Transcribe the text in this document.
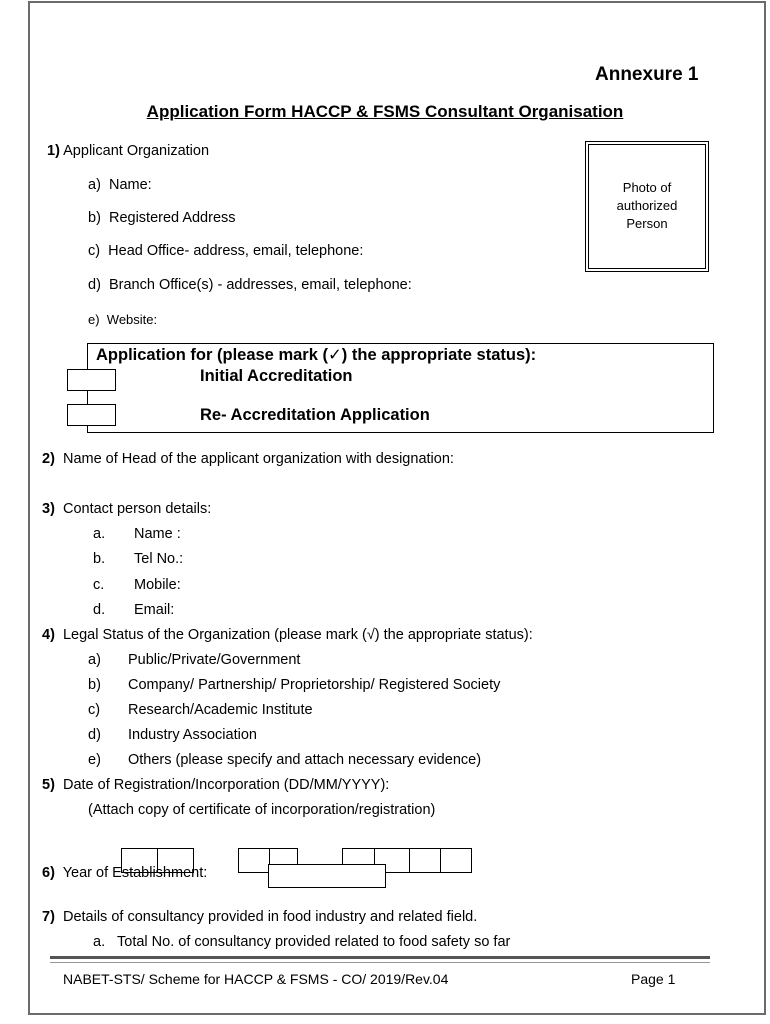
Annexure 1
Application Form HACCP & FSMS Consultant Organisation
1) Applicant Organization
a) Name:
b) Registered Address
c) Head Office- address, email, telephone:
d) Branch Office(s) - addresses, email, telephone:
e) Website:
Photo of
authorized
Person
Application for (please mark (✓) the appropriate status):
Initial Accreditation
Re- Accreditation Application
2) Name of Head of the applicant organization with designation:
3) Contact person details:
a. Name :
b. Tel No.:
c. Mobile:
d. Email:
4) Legal Status of the Organization (please mark (√) the appropriate status):
a) Public/Private/Government
b) Company/ Partnership/ Proprietorship/ Registered Society
c) Research/Academic Institute
d) Industry Association
e) Others (please specify and attach necessary evidence)
5) Date of Registration/Incorporation (DD/MM/YYYY):
(Attach copy of certificate of incorporation/registration)
6) Year of Establishment:
7) Details of consultancy provided in food industry and related field.
a. Total No. of consultancy provided related to food safety so far
NABET-STS/ Scheme for HACCP & FSMS - CO/ 2019/Rev.04	Page 1
